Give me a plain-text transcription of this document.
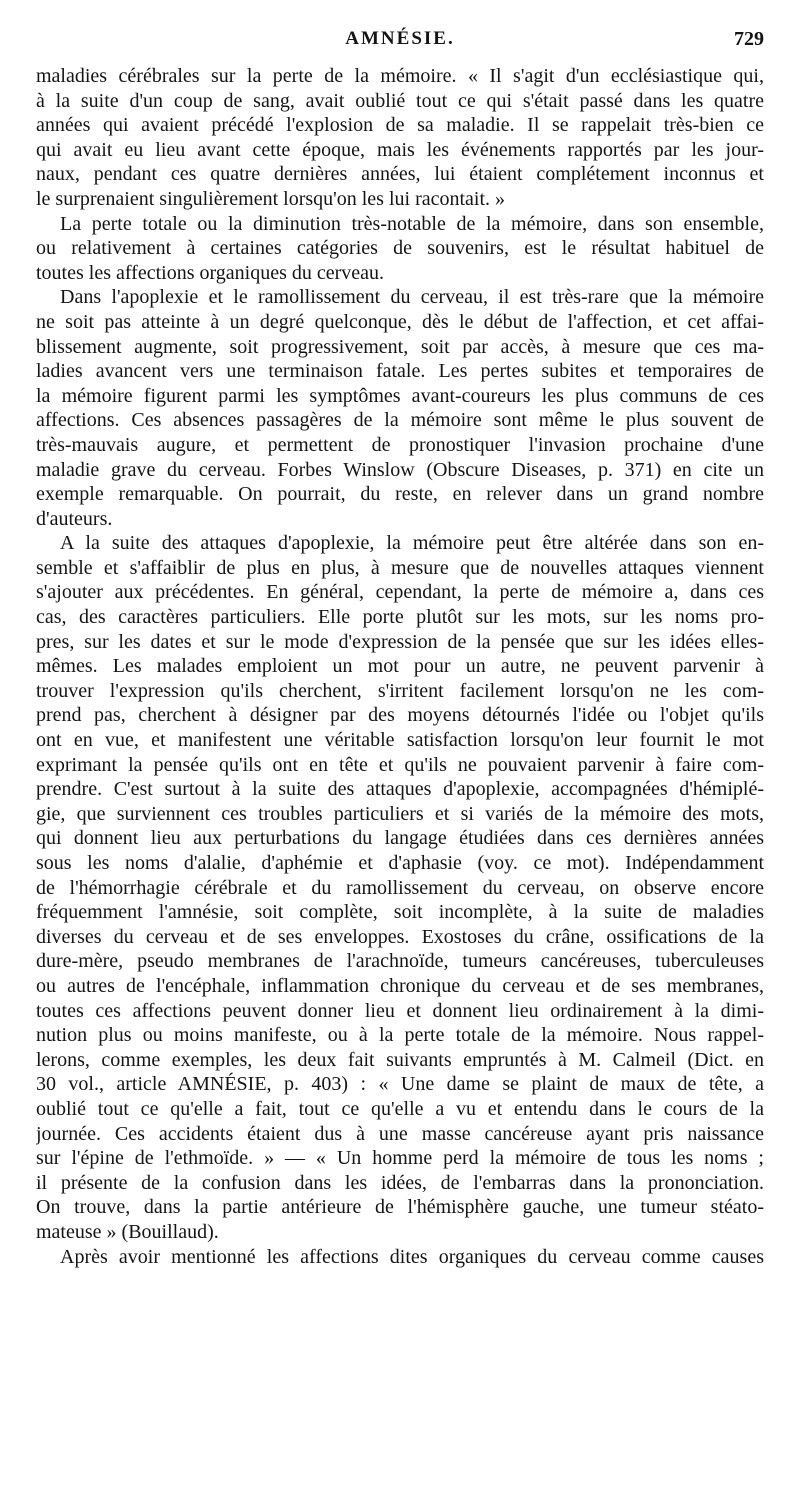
AMNÉSIE.	729
maladies cérébrales sur la perte de la mémoire. « Il s'agit d'un ecclésiastique qui,
à la suite d'un coup de sang, avait oublié tout ce qui s'était passé dans les quatre
années qui avaient précédé l'explosion de sa maladie. Il se rappelait très-bien ce
qui avait eu lieu avant cette époque, mais les événements rapportés par les jour-
naux, pendant ces quatre dernières années, lui étaient complétement inconnus et
le surprenaient singulièrement lorsqu'on les lui racontait. »
La perte totale ou la diminution très-notable de la mémoire, dans son ensemble,
ou relativement à certaines catégories de souvenirs, est le résultat habituel de
toutes les affections organiques du cerveau.
Dans l'apoplexie et le ramollissement du cerveau, il est très-rare que la mémoire
ne soit pas atteinte à un degré quelconque, dès le début de l'affection, et cet affai-
blissement augmente, soit progressivement, soit par accès, à mesure que ces ma-
ladies avancent vers une terminaison fatale. Les pertes subites et temporaires de
la mémoire figurent parmi les symptômes avant-coureurs les plus communs de ces
affections. Ces absences passagères de la mémoire sont même le plus souvent de
très-mauvais augure, et permettent de pronostiquer l'invasion prochaine d'une
maladie grave du cerveau. Forbes Winslow (Obscure Diseases, p. 371) en cite un
exemple remarquable. On pourrait, du reste, en relever dans un grand nombre
d'auteurs.
A la suite des attaques d'apoplexie, la mémoire peut être altérée dans son en-
semble et s'affaiblir de plus en plus, à mesure que de nouvelles attaques viennent
s'ajouter aux précédentes. En général, cependant, la perte de mémoire a, dans ces
cas, des caractères particuliers. Elle porte plutôt sur les mots, sur les noms pro-
pres, sur les dates et sur le mode d'expression de la pensée que sur les idées elles-
mêmes. Les malades emploient un mot pour un autre, ne peuvent parvenir à
trouver l'expression qu'ils cherchent, s'irritent facilement lorsqu'on ne les com-
prend pas, cherchent à désigner par des moyens détournés l'idée ou l'objet qu'ils
ont en vue, et manifestent une véritable satisfaction lorsqu'on leur fournit le mot
exprimant la pensée qu'ils ont en tête et qu'ils ne pouvaient parvenir à faire com-
prendre. C'est surtout à la suite des attaques d'apoplexie, accompagnées d'hémiplé-
gie, que surviennent ces troubles particuliers et si variés de la mémoire des mots,
qui donnent lieu aux perturbations du langage étudiées dans ces dernières années
sous les noms d'alalie, d'aphémie et d'aphasie (voy. ce mot). Indépendamment
de l'hémorrhagie cérébrale et du ramollissement du cerveau, on observe encore
fréquemment l'amnésie, soit complète, soit incomplète, à la suite de maladies
diverses du cerveau et de ses enveloppes. Exostoses du crâne, ossifications de la
dure-mère, pseudo membranes de l'arachnoïde, tumeurs cancéreuses, tuberculeuses
ou autres de l'encéphale, inflammation chronique du cerveau et de ses membranes,
toutes ces affections peuvent donner lieu et donnent lieu ordinairement à la dimi-
nution plus ou moins manifeste, ou à la perte totale de la mémoire. Nous rappel-
lerons, comme exemples, les deux fait suivants empruntés à M. Calmeil (Dict. en
30 vol., article AMNÉSIE, p. 403) : « Une dame se plaint de maux de tête, a
oublié tout ce qu'elle a fait, tout ce qu'elle a vu et entendu dans le cours de la
journée. Ces accidents étaient dus à une masse cancéreuse ayant pris naissance
sur l'épine de l'ethmoïde. » — « Un homme perd la mémoire de tous les noms ;
il présente de la confusion dans les idées, de l'embarras dans la prononciation.
On trouve, dans la partie antérieure de l'hémisphère gauche, une tumeur stéato-
mateuse » (Bouillaud).
Après avoir mentionné les affections dites organiques du cerveau comme causes
